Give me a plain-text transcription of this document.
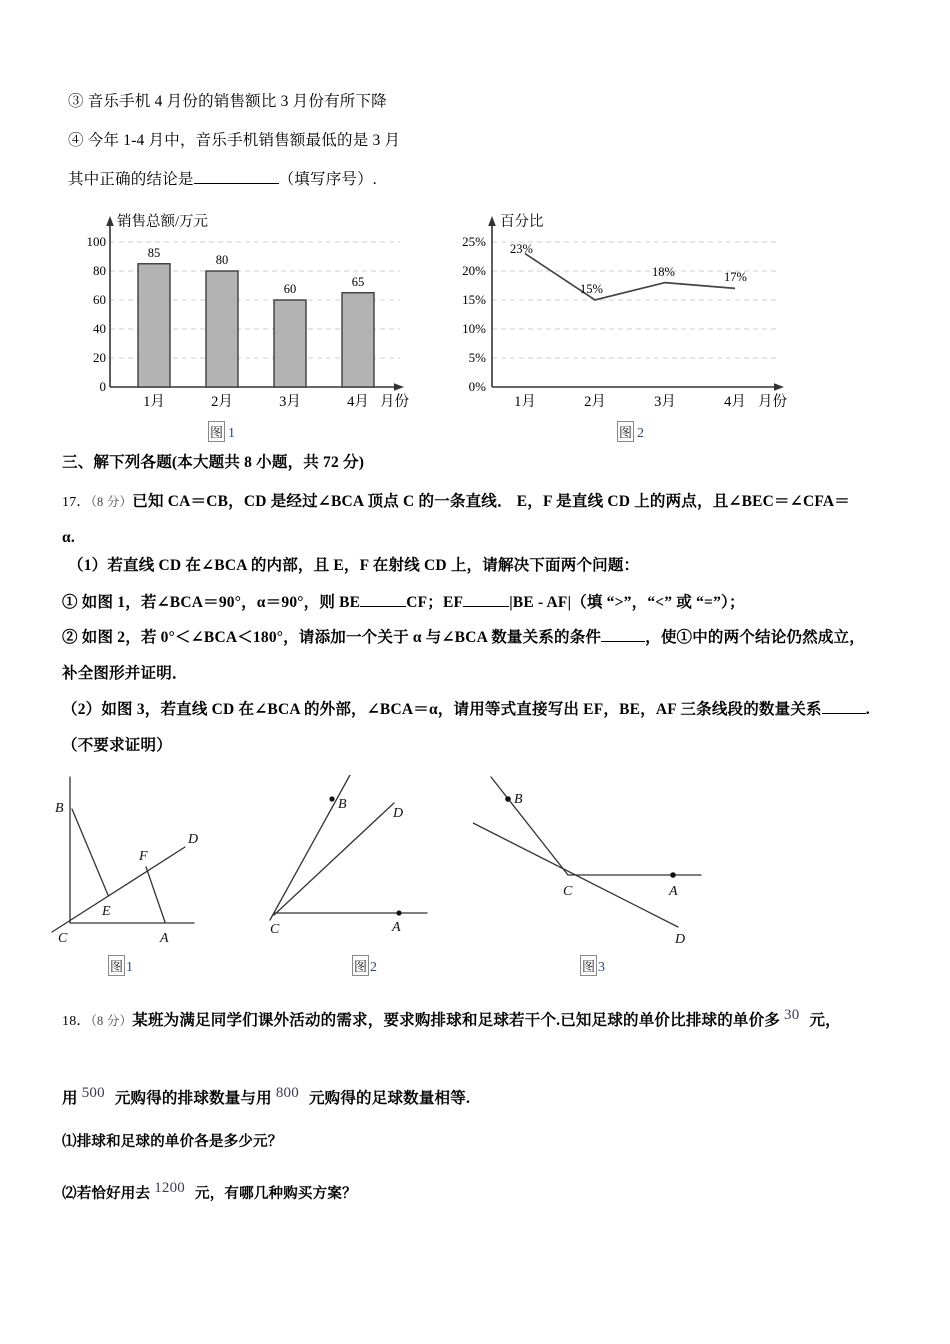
③ 音乐手机 4 月份的销售额比 3 月份有所下降
④ 今年 1-4 月中，音乐手机销售额最低的是 3 月
其中正确的结论是	（填写序号）.
销售总额/万元
100
80
60
40
20
0
85	80
60	65
1月	2月	3月	4月 月份
图 1
百分比
25%
20%
15%
10%
5%
0%
23%
15%
18%	17%
1月	2月	3月	4月 月份
图 2
三、解下列各题(本大题共 8 小题，共 72 分)
17．（8 分）已知 CA＝CB，CD 是经过∠BCA 顶点 C 的一条直线． E，F 是直线 CD 上的两点，且∠BEC＝∠CFA＝
α.
（1）若直线 CD 在∠BCA 的内部，且 E，F 在射线 CD 上，请解决下面两个问题：
① 如图 1，若∠BCA＝90°，α＝90°，则 BE	CF；EF	|BE - AF|（填 “>”，“<” 或 “=”）；
② 如图 2，若 0°＜∠BCA＜180°，请添加一个关于 α 与∠BCA 数量关系的条件	，使①中的两个结论仍然成立，
补全图形并证明．
（2）如图 3，若直线 CD 在∠BCA 的外部，∠BCA＝α，请用等式直接写出 EF，BE，AF 三条线段的数量关系	.
（不要求证明）
B
C	A
D
E
F
图 1
B
D
C	A
图 2
B
C	A
D
图 3
18．（8 分）某班为满足同学们课外活动的需求，要求购排球和足球若干个.已知足球的单价比排球的单价多 30 元，
用 500 元购得的排球数量与用 800 元购得的足球数量相等.
⑴排球和足球的单价各是多少元？
⑵若恰好用去 1200 元，有哪几种购买方案？
